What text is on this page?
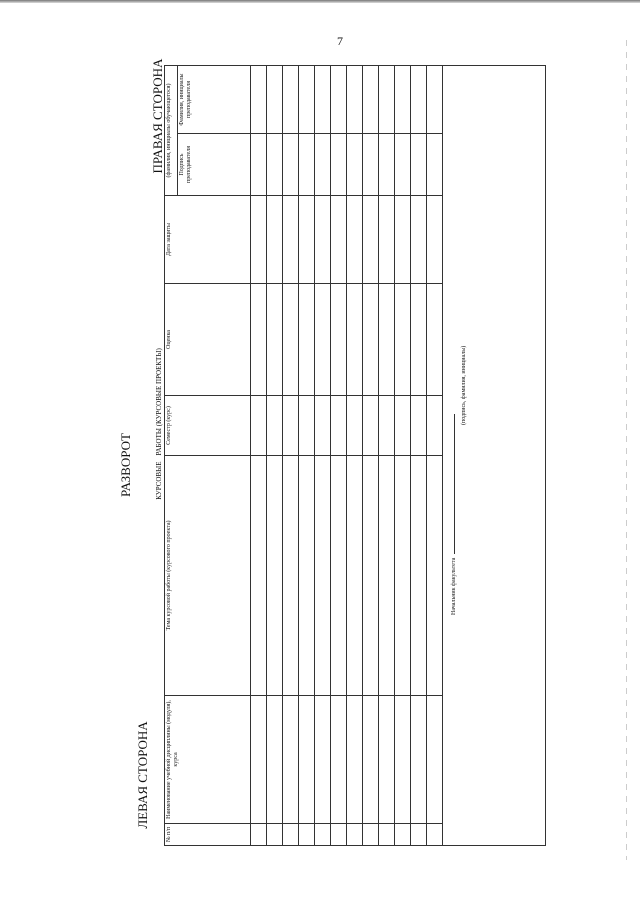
7
РАЗВОРОТ
ЛЕВАЯ СТОРОНА
ПРАВАЯ СТОРОНА
КУРСОВЫЕ			РАБОТЫ (КУРСОВЫЕ ПРОЕКТЫ)				
№ п/п	Наименование учебной дисциплины (модуля), курса	Тема курсовой работы (курсового проекта)	Семестр (курс)	Оценка	Дата защиты	(фамилия, инициалы обучающегося)	
						Подпись преподавателя	Фамилия, инициалы преподавателя

Начальник факультета
(подпись, фамилия, инициалы)							
